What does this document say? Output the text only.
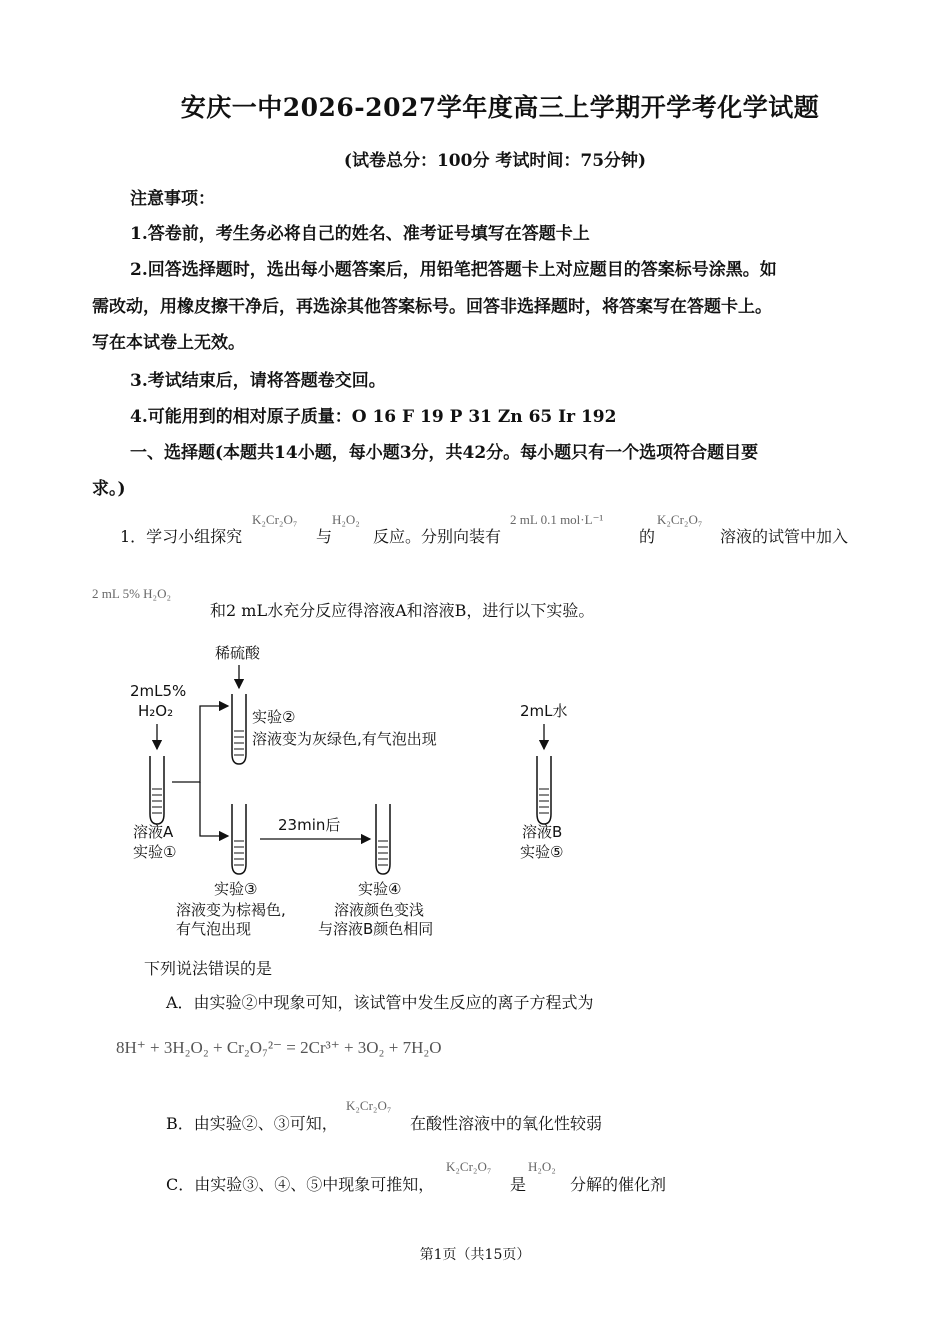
安庆一中2026-2027学年度高三上学期开学考化学试题
(试卷总分：100分 考试时间：75分钟)
注意事项：
1.答卷前，考生务必将自己的姓名、准考证号填写在答题卡上
2.回答选择题时，选出每小题答案后，用铅笔把答题卡上对应题目的答案标号涂黑。如
需改动，用橡皮擦干净后，再选涂其他答案标号。回答非选择题时，将答案写在答题卡上。
写在本试卷上无效。
3.考试结束后，请将答题卷交回。
4.可能用到的相对原子质量：O 16 F 19 P 31 Zn 65 Ir 192
一、选择题(本题共14小题，每小题3分，共42分。每小题只有一个选项符合题目要
求。)
1．学习小组探究
K₂Cr₂O₇
与
H₂O₂
反应。分别向装有
2 mL 0.1 mol·L⁻¹
的
K₂Cr₂O₇
溶液的试管中加入
2 mL 5% H₂O₂
和2 mL水充分反应得溶液A和溶液B，进行以下实验。
稀硫酸
2mL5%
H₂O₂
溶液A
实验①
实验②
溶液变为灰绿色,有气泡出现
实验③
溶液变为棕褐色,
有气泡出现
23min后
实验④
溶液颜色变浅
与溶液B颜色相同
2mL水
溶液B
实验⑤
下列说法错误的是
A．由实验②中现象可知，该试管中发生反应的离子方程式为
8H⁺ + 3H₂O₂ + Cr₂O₇²⁻ = 2Cr³⁺ + 3O₂ + 7H₂O
B．由实验②、③可知，
K₂Cr₂O₇
在酸性溶液中的氧化性较弱
C．由实验③、④、⑤中现象可推知，
K₂Cr₂O₇
是
H₂O₂
分解的催化剂
第1页（共15页）
